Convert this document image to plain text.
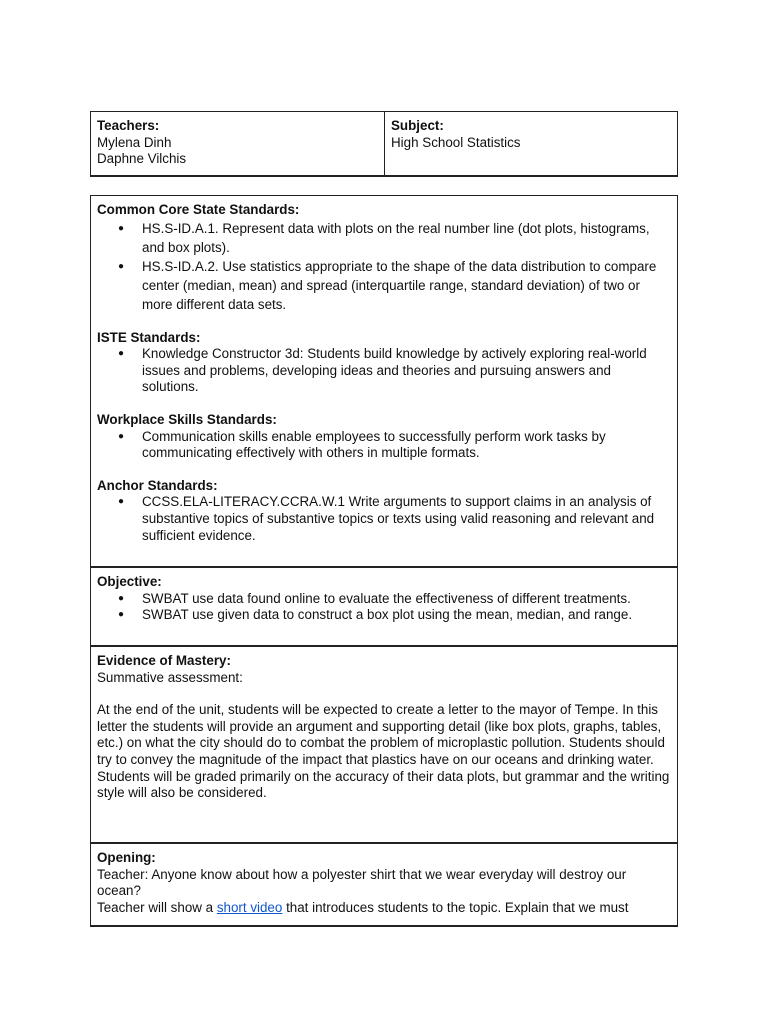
Teachers:
Mylena Dinh
Daphne Vilchis
Subject:
High School Statistics
Common Core State Standards:
● HS.S-ID.A.1. Represent data with plots on the real number line (dot plots, histograms, and box plots).
● HS.S-ID.A.2. Use statistics appropriate to the shape of the data distribution to compare center (median, mean) and spread (interquartile range, standard deviation) of two or more different data sets.
ISTE Standards:
● Knowledge Constructor 3d: Students build knowledge by actively exploring real-world issues and problems, developing ideas and theories and pursuing answers and solutions.
Workplace Skills Standards:
● Communication skills enable employees to successfully perform work tasks by communicating effectively with others in multiple formats.
Anchor Standards:
● CCSS.ELA-LITERACY.CCRA.W.1 Write arguments to support claims in an analysis of substantive topics of substantive topics or texts using valid reasoning and relevant and sufficient evidence.
Objective:
● SWBAT use data found online to evaluate the effectiveness of different treatments.
● SWBAT use given data to construct a box plot using the mean, median, and range.
Evidence of Mastery:
Summative assessment:

At the end of the unit, students will be expected to create a letter to the mayor of Tempe. In this letter the students will provide an argument and supporting detail (like box plots, graphs, tables, etc.) on what the city should do to combat the problem of microplastic pollution. Students should try to convey the magnitude of the impact that plastics have on our oceans and drinking water. Students will be graded primarily on the accuracy of their data plots, but grammar and the writing style will also be considered.

Opening:

Teacher: Anyone know about how a polyester shirt that we wear everyday will destroy our ocean?

Teacher will show a short video that introduces students to the topic. Explain that we must
